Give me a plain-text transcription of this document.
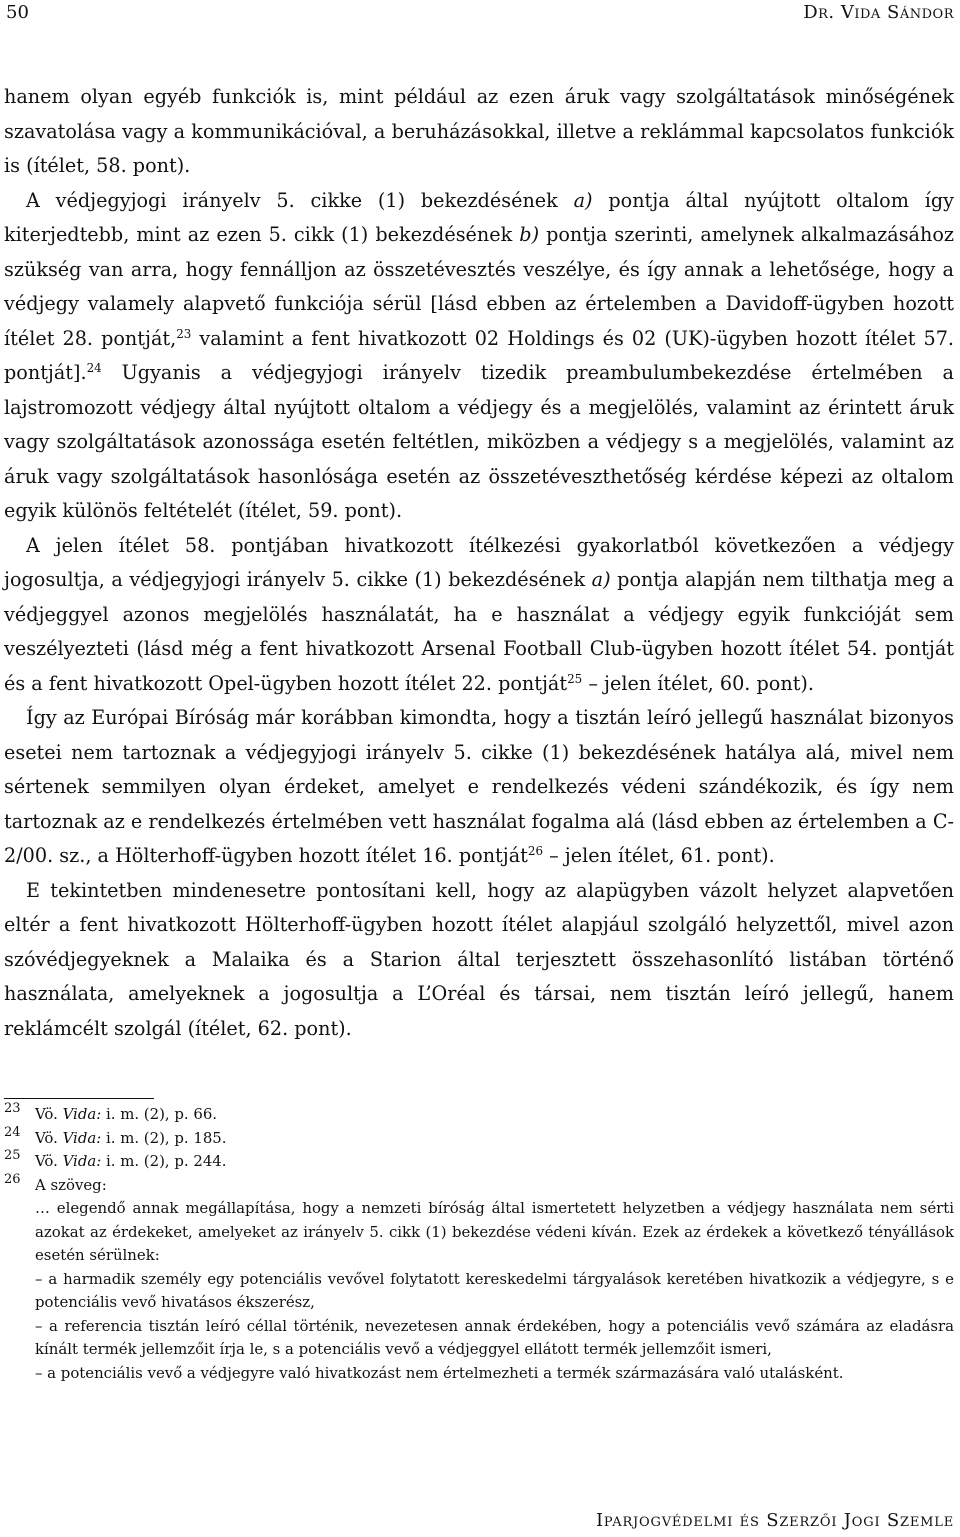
50	Dr. Vida Sándor

hanem olyan egyéb funkciók is, mint például az ezen áruk vagy szolgáltatások minőségének szavatolása vagy a kommunikációval, a beruházásokkal, illetve a reklámmal kapcsolatos funkciók is (ítélet, 58. pont).

A védjegyjogi irányelv 5. cikke (1) bekezdésének a) pontja által nyújtott oltalom így kiterjedtebb, mint az ezen 5. cikk (1) bekezdésének b) pontja szerinti, amelynek alkalmazásához szükség van arra, hogy fennálljon az összetévesztés veszélye, és így annak a lehetősége, hogy a védjegy valamely alapvető funkciója sérül [lásd ebben az értelemben a Davidoff-ügyben hozott ítélet 28. pontját,$^{23}$ valamint a fent hivatkozott 02 Holdings és 02 (UK)-ügyben hozott ítélet 57. pontját].$^{24}$ Ugyanis a védjegyjogi irányelv tizedik preambulumbekezdése értelmében a lajstromozott védjegy által nyújtott oltalom a védjegy és a megjelölés, valamint az érintett áruk vagy szolgáltatások azonossága esetén feltétlen, miközben a védjegy s a megjelölés, valamint az áruk vagy szolgáltatások hasonlósága esetén az összetéveszthetőség kérdése képezi az oltalom egyik különös feltételét (ítélet, 59. pont).

A jelen ítélet 58. pontjában hivatkozott ítélkezési gyakorlatból következően a védjegy jogosultja, a védjegyjogi irányelv 5. cikke (1) bekezdésének a) pontja alapján nem tilthatja meg a védjeggyel azonos megjelölés használatát, ha e használat a védjegy egyik funkcióját sem veszélyezteti (lásd még a fent hivatkozott Arsenal Football Club-ügyben hozott ítélet 54. pontját és a fent hivatkozott Opel-ügyben hozott ítélet 22. pontját$^{25}$ – jelen ítélet, 60. pont).

Így az Európai Bíróság már korábban kimondta, hogy a tisztán leíró jellegű használat bizonyos esetei nem tartoznak a védjegyjogi irányelv 5. cikke (1) bekezdésének hatálya alá, mivel nem sértenek semmilyen olyan érdeket, amelyet e rendelkezés védeni szándékozik, és így nem tartoznak az e rendelkezés értelmében vett használat fogalma alá (lásd ebben az értelemben a C-2/00. sz., a Hölterhoff-ügyben hozott ítélet 16. pontját$^{26}$ – jelen ítélet, 61. pont).

E tekintetben mindenesetre pontosítani kell, hogy az alapügyben vázolt helyzet alapvetően eltér a fent hivatkozott Hölterhoff-ügyben hozott ítélet alapjául szolgáló helyzettől, mivel azon szóvédjegyeknek a Malaika és a Starion által terjesztett összehasonlító listában történő használata, amelyeknek a jogosultja a L’Oréal és társai, nem tisztán leíró jellegű, hanem reklámcélt szolgál (ítélet, 62. pont).

23 Vö. Vida: i. m. (2), p. 66.
24 Vö. Vida: i. m. (2), p. 185.
25 Vö. Vida: i. m. (2), p. 244.
26 A szöveg:

… elegendő annak megállapítása, hogy a nemzeti bíróság által ismertetett helyzetben a védjegy használata nem sérti azokat az érdekeket, amelyeket az irányelv 5. cikk (1) bekezdése védeni kíván. Ezek az érdekek a következő tényállások esetén sérülnek:

– a harmadik személy egy potenciális vevővel folytatott kereskedelmi tárgyalások keretében hivatkozik a védjegyre, s e potenciális vevő hivatásos ékszerész,

– a referencia tisztán leíró céllal történik, nevezetesen annak érdekében, hogy a potenciális vevő számára az eladásra kínált termék jellemzőit írja le, s a potenciális vevő a védjeggyel ellátott termék jellemzőit ismeri,

– a potenciális vevő a védjegyre való hivatkozást nem értelmezheti a termék származására való utalásként.

Iparjogvédelmi és Szerzői Jogi Szemle
